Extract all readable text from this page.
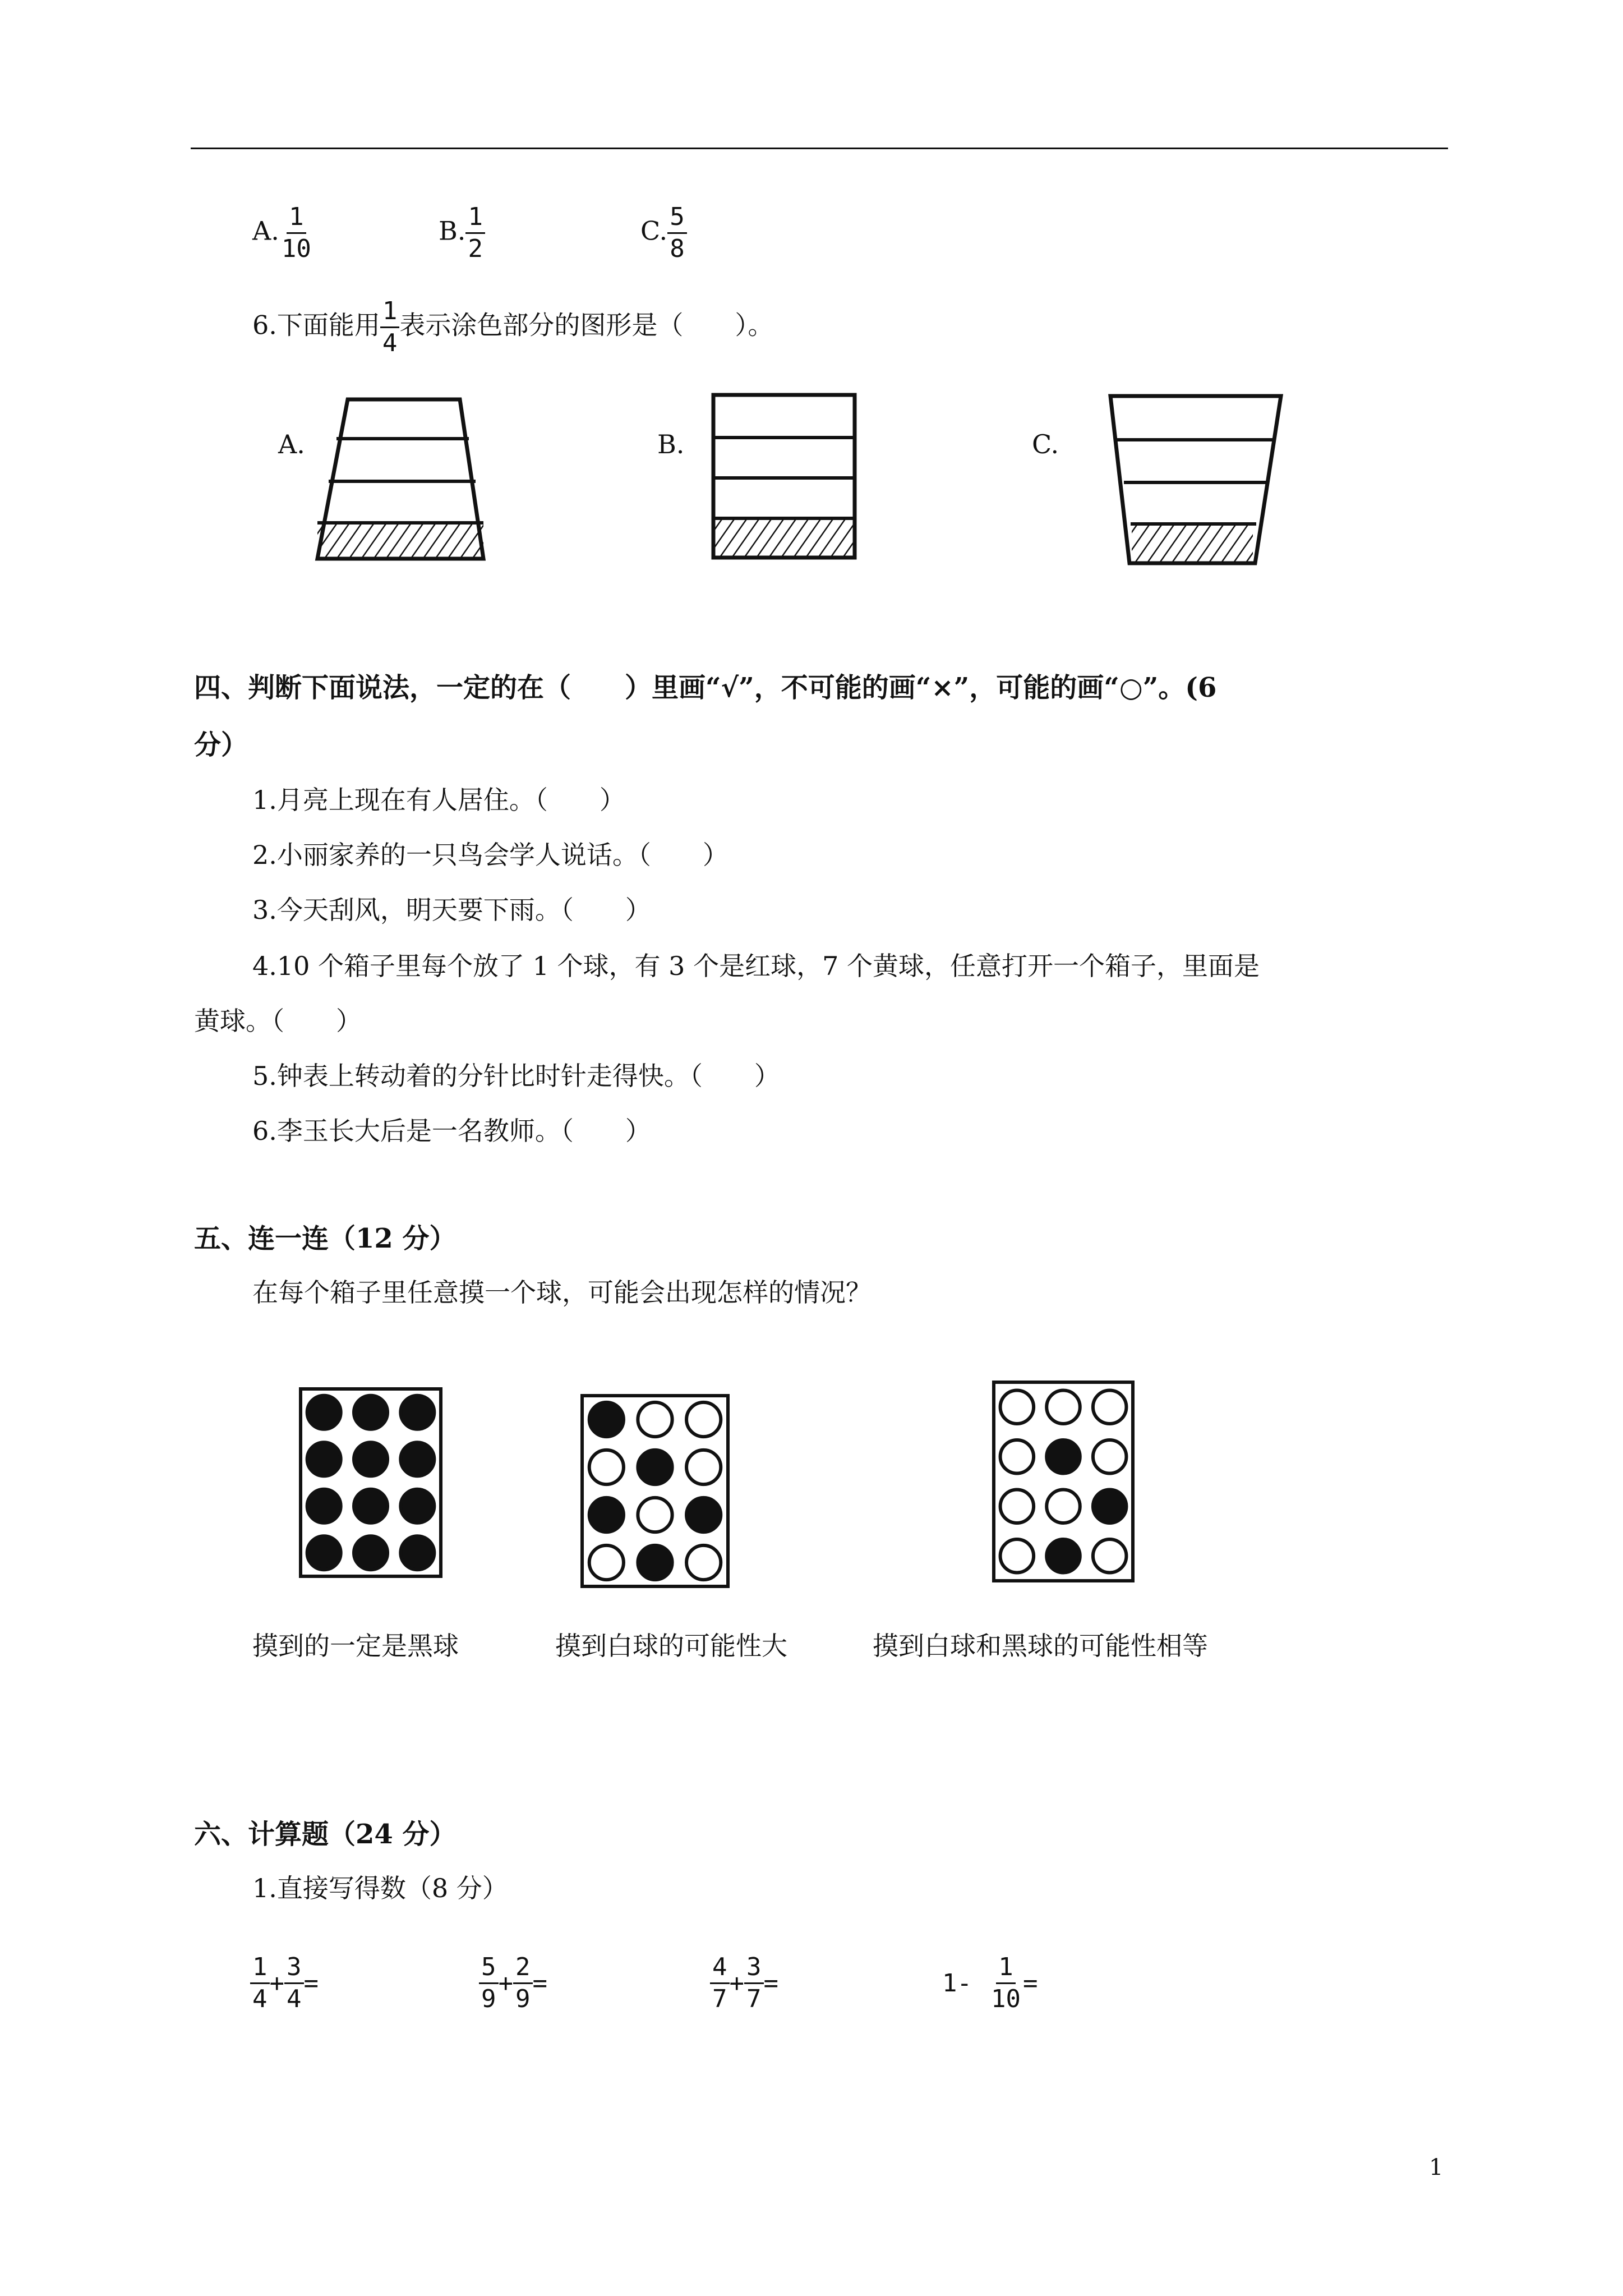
A. $\frac{1}{10}$	B. $\frac{1}{2}$	C. $\frac{5}{8}$
6.下面能用 $\frac{1}{4}$ 表示涂色部分的图形是（　　）。
A.	B.	C.
四、判断下面说法，一定的在（　　）里画“√”，不可能的画“×”，可能的画“○”。(6
分）
1.月亮上现在有人居住。（　　）
2.小丽家养的一只鸟会学人说话。（　　）
3.今天刮风，明天要下雨。（　　）
4.10 个箱子里每个放了 1 个球，有 3 个是红球，7 个黄球，任意打开一个箱子，里面是
黄球。（　　）
5.钟表上转动着的分针比时针走得快。（　　）
6.李玉长大后是一名教师。（　　）
五、连一连（12 分）
在每个箱子里任意摸一个球，可能会出现怎样的情况？
摸到的一定是黑球	摸到白球的可能性大	摸到白球和黑球的可能性相等
六、计算题（24 分）
1.直接写得数（8 分）
$\frac{1}{4} + \frac{3}{4}$ =	$\frac{5}{9} + \frac{2}{9}$ =	$\frac{4}{7} + \frac{3}{7}$ =	$1- \frac{1}{10}$ =
1
